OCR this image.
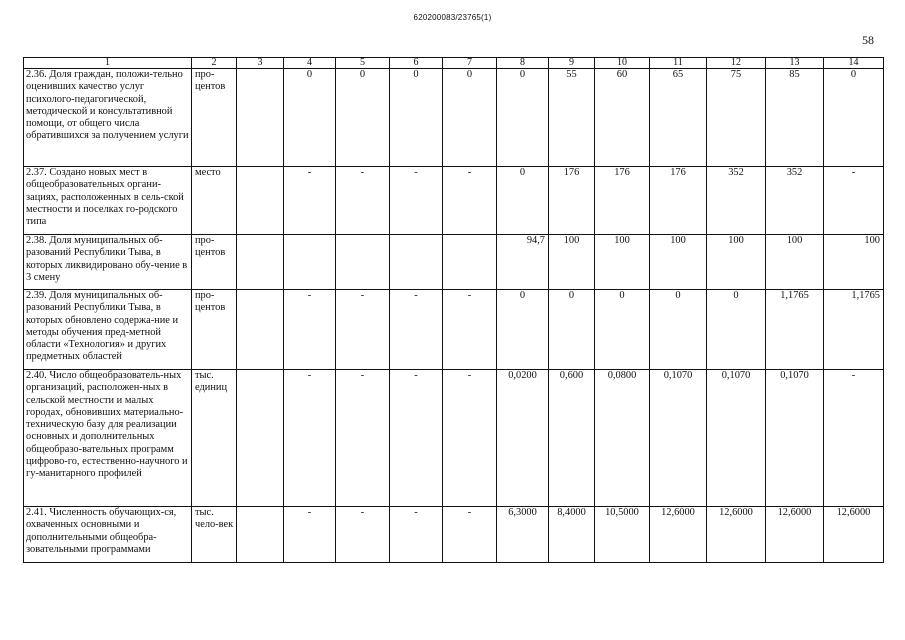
620200083/23765(1)
58
1	2	3	4	5	6	7	8	9	10	11	12	13	14
2.36. Доля граждан, положи-тельно оценивших качество услуг психолого-педагогической, методической и консультативной помощи, от общего числа обратившихся за получением услуги	про-центов		0	0	0	0	0	55	60	65	75	85	0
2.37. Создано новых мест в общеобразовательных органи-зациях, расположенных в сель-ской местности и поселках го-родского типа	место		-	-	-	-	0	176	176	176	352	352	-
2.38. Доля муниципальных об-разований Республики Тыва, в которых ликвидировано обу-чение в 3 смену	про-центов						94,7	100	100	100	100	100	100
2.39. Доля муниципальных об-разований Республики Тыва, в которых обновлено содержа-ние и методы обучения пред-метной области «Технология» и других предметных областей	про-центов		-	-	-	-	0	0	0	0	0	1,1765	1,1765
2.40. Число общеобразователь-ных организаций, расположен-ных в сельской местности и малых городах, обновивших материально-техническую базу для реализации основных и дополнительных общеобразо-вательных программ цифрово-го, естественно-научного и гу-манитарного профилей	тыс. единиц		-	-	-	-	0,0200	0,600	0,0800	0,1070	0,1070	0,1070	-
2.41. Численность обучающих-ся, охваченных основными и дополнительными общеобра-зовательными программами	тыс. чело-век		-	-	-	-	6,3000	8,4000	10,5000	12,6000	12,6000	12,6000	12,6000
